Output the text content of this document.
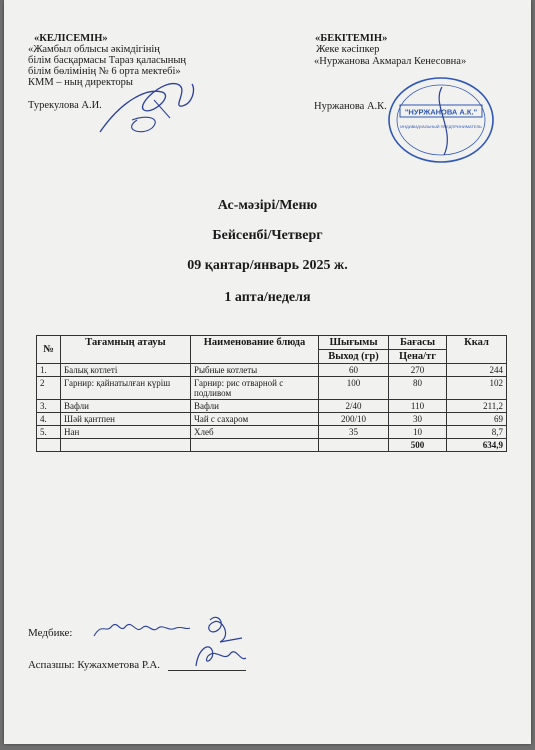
«КЕЛІСЕМІН»
«Жамбыл облысы әкімдігінің
білім басқармасы Тараз қаласының
білім бөлімінің № 6 орта мектебі»
КММ – ның директоры
Турекулова А.И.
«БЕКІТЕМІН»
Жеке кәсіпкер
«Нуржанова Акмарал Кенесовна»
Нуржанова А.К. "НУРЖАНОВА А.К."
ИНДИВИДУАЛЬНЫЙ ПРЕДПРИНИМАТЕЛЬ
Ас-мәзірі/Меню
Бейсенбі/Четверг
09 қантар/январь 2025 ж.
1 апта/неделя
№	Тағамның атауы	Наименование блюда	Шығымы	Бағасы	Ккал
			Выход (гр)	Цена/тг	
1.	Балық котлеті	Рыбные котлеты	60	270	244
2	Гарнир: қайнатылған күріш	Гарнир: рис отварной с подливом	100	80	102
3.	Вафли	Вафли	2/40	110	211,2
4.	Шәй қантпен	Чай с сахаром	200/10	30	69
5.	Нан	Хлеб	35	10	8,7
				500	634,9
Медбике:
Аспазшы: Кужахметова Р.А.
